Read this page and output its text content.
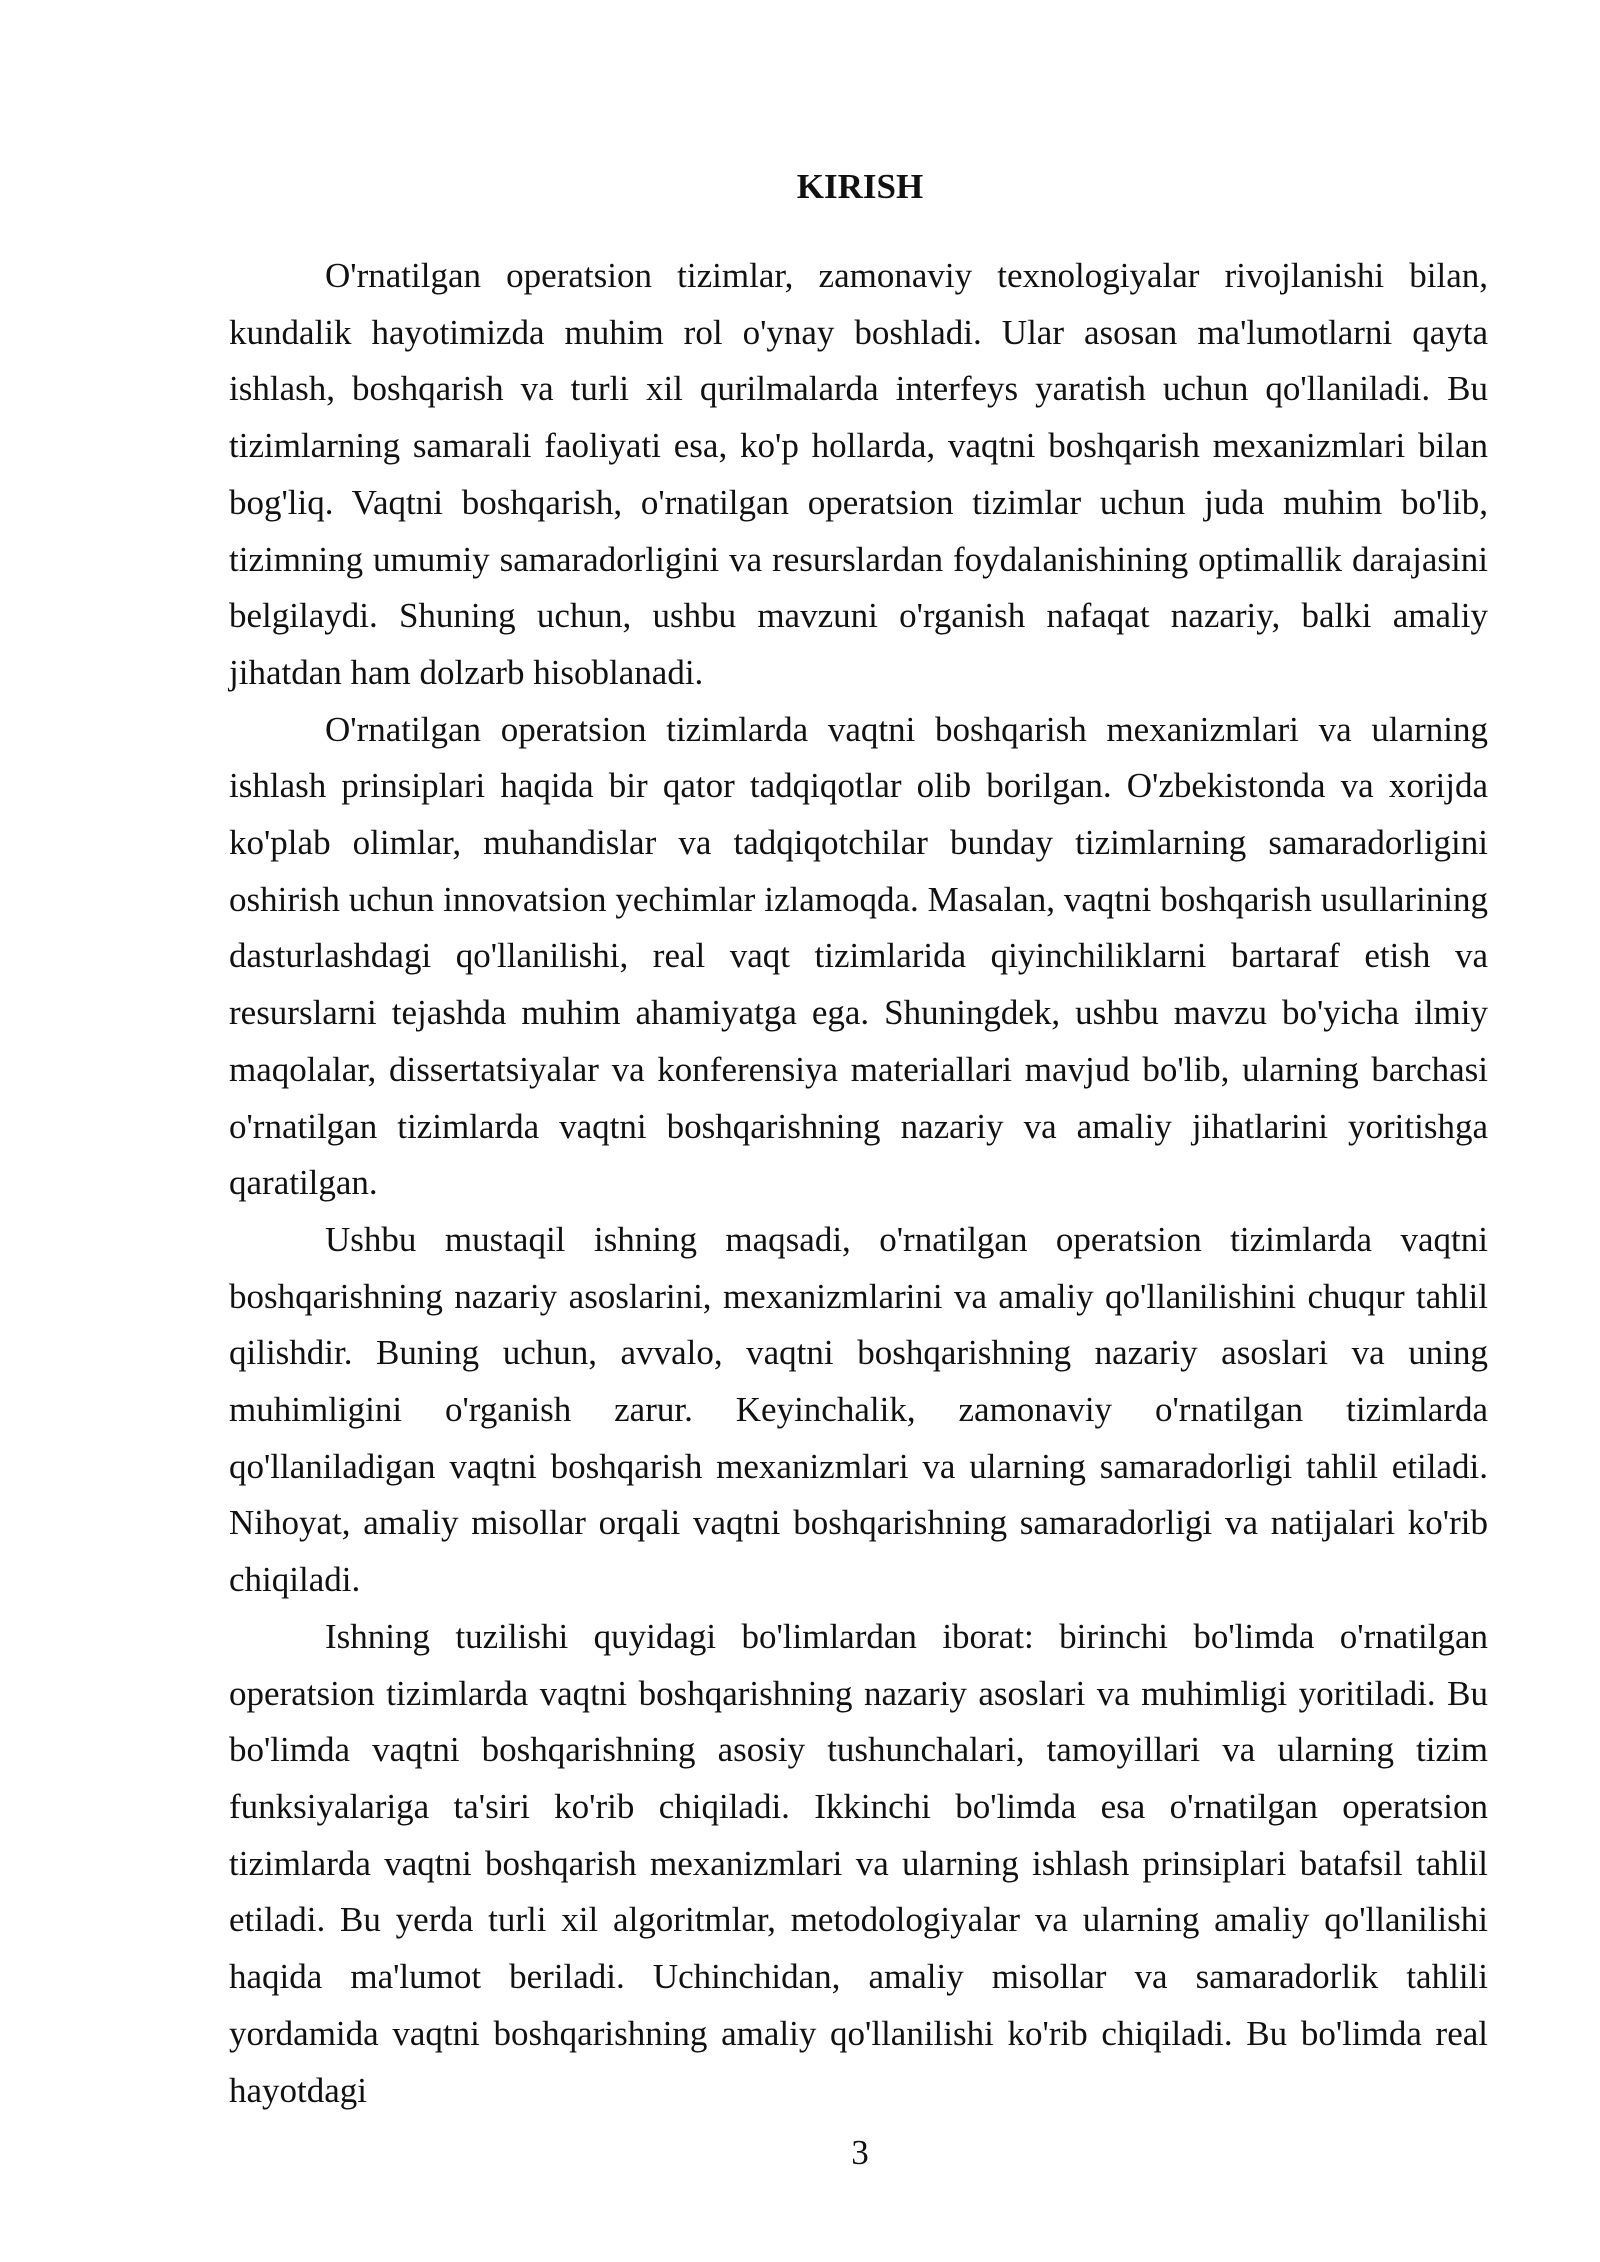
KIRISH

O'rnatilgan operatsion tizimlar, zamonaviy texnologiyalar rivojlanishi bilan, kundalik hayotimizda muhim rol o'ynay boshladi. Ular asosan ma'lumotlarni qayta ishlash, boshqarish va turli xil qurilmalarda interfeys yaratish uchun qo'llaniladi. Bu tizimlarning samarali faoliyati esa, ko'p hollarda, vaqtni boshqarish mexanizmlari bilan bog'liq. Vaqtni boshqarish, o'rnatilgan operatsion tizimlar uchun juda muhim bo'lib, tizimning umumiy samaradorligini va resurslardan foydalanishining optimallik darajasini belgilaydi. Shuning uchun, ushbu mavzuni o'rganish nafaqat nazariy, balki amaliy jihatdan ham dolzarb hisoblanadi.

O'rnatilgan operatsion tizimlarda vaqtni boshqarish mexanizmlari va ularning ishlash prinsiplari haqida bir qator tadqiqotlar olib borilgan. O'zbekistonda va xorijda ko'plab olimlar, muhandislar va tadqiqotchilar bunday tizimlarning samaradorligini oshirish uchun innovatsion yechimlar izlamoqda. Masalan, vaqtni boshqarish usullarining dasturlashdagi qo'llanilishi, real vaqt tizimlarida qiyinchiliklarni bartaraf etish va resurslarni tejashda muhim ahamiyatga ega. Shuningdek, ushbu mavzu bo'yicha ilmiy maqolalar, dissertatsiyalar va konferensiya materiallari mavjud bo'lib, ularning barchasi o'rnatilgan tizimlarda vaqtni boshqarishning nazariy va amaliy jihatlarini yoritishga qaratilgan.

Ushbu mustaqil ishning maqsadi, o'rnatilgan operatsion tizimlarda vaqtni boshqarishning nazariy asoslarini, mexanizmlarini va amaliy qo'llanilishini chuqur tahlil qilishdir. Buning uchun, avvalo, vaqtni boshqarishning nazariy asoslari va uning muhimligini o'rganish zarur. Keyinchalik, zamonaviy o'rnatilgan tizimlarda qo'llaniladigan vaqtni boshqarish mexanizmlari va ularning samaradorligi tahlil etiladi. Nihoyat, amaliy misollar orqali vaqtni boshqarishning samaradorligi va natijalari ko'rib chiqiladi.

Ishning tuzilishi quyidagi bo'limlardan iborat: birinchi bo'limda o'rnatilgan operatsion tizimlarda vaqtni boshqarishning nazariy asoslari va muhimligi yoritiladi. Bu bo'limda vaqtni boshqarishning asosiy tushunchalari, tamoyillari va ularning tizim funksiyalariga ta'siri ko'rib chiqiladi. Ikkinchi bo'limda esa o'rnatilgan operatsion tizimlarda vaqtni boshqarish mexanizmlari va ularning ishlash prinsiplari batafsil tahlil etiladi. Bu yerda turli xil algoritmlar, metodologiyalar va ularning amaliy qo'llanilishi haqida ma'lumot beriladi. Uchinchidan, amaliy misollar va samaradorlik tahlili yordamida vaqtni boshqarishning amaliy qo'llanilishi ko'rib chiqiladi. Bu bo'limda real hayotdagi

3
